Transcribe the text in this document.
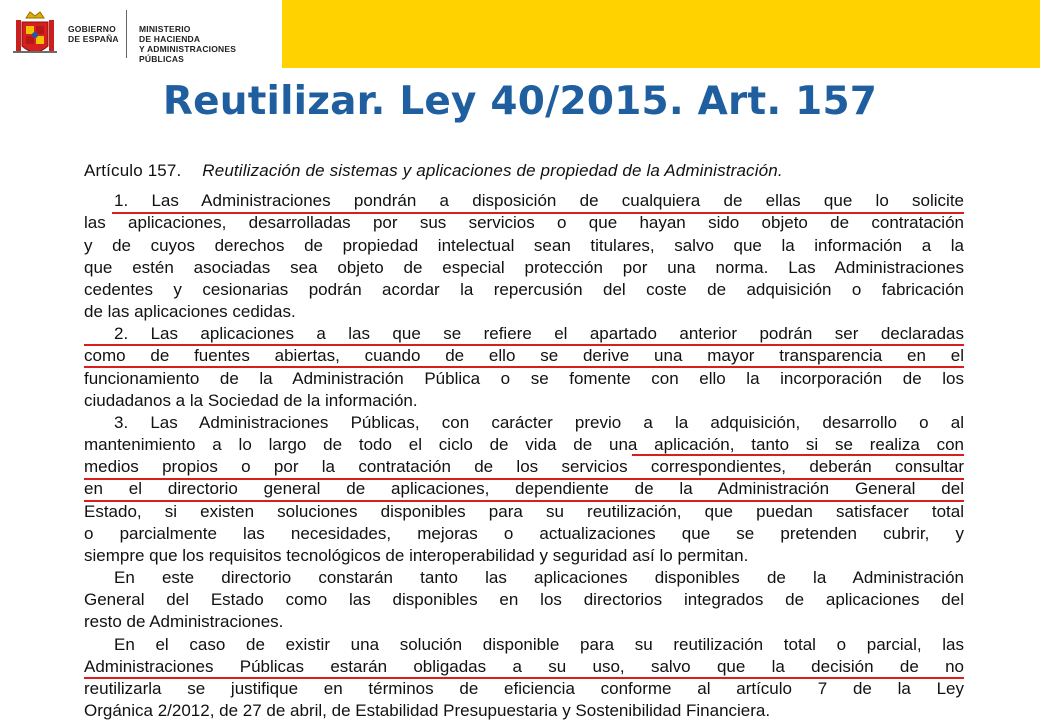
GOBIERNO
DE ESPAÑA
MINISTERIO
DE HACIENDA
Y ADMINISTRACIONES PÚBLICAS
Reutilizar. Ley 40/2015. Art. 157
Artículo 157. Reutilización de sistemas y aplicaciones de propiedad de la Administración.
1. Las Administraciones pondrán a disposición de cualquiera de ellas que lo solicite
las aplicaciones, desarrolladas por sus servicios o que hayan sido objeto de contratación
y de cuyos derechos de propiedad intelectual sean titulares, salvo que la información a la
que estén asociadas sea objeto de especial protección por una norma. Las Administraciones
cedentes y cesionarias podrán acordar la repercusión del coste de adquisición o fabricación
de las aplicaciones cedidas.
2. Las aplicaciones a las que se refiere el apartado anterior podrán ser declaradas
como de fuentes abiertas, cuando de ello se derive una mayor transparencia en el
funcionamiento de la Administración Pública o se fomente con ello la incorporación de los
ciudadanos a la Sociedad de la información.
3. Las Administraciones Públicas, con carácter previo a la adquisición, desarrollo o al
mantenimiento a lo largo de todo el ciclo de vida de una aplicación, tanto si se realiza con
medios propios o por la contratación de los servicios correspondientes, deberán consultar
en el directorio general de aplicaciones, dependiente de la Administración General del
Estado, si existen soluciones disponibles para su reutilización, que puedan satisfacer total
o parcialmente las necesidades, mejoras o actualizaciones que se pretenden cubrir, y
siempre que los requisitos tecnológicos de interoperabilidad y seguridad así lo permitan.
En este directorio constarán tanto las aplicaciones disponibles de la Administración
General del Estado como las disponibles en los directorios integrados de aplicaciones del
resto de Administraciones.
En el caso de existir una solución disponible para su reutilización total o parcial, las
Administraciones Públicas estarán obligadas a su uso, salvo que la decisión de no
reutilizarla se justifique en términos de eficiencia conforme al artículo 7 de la Ley
Orgánica 2/2012, de 27 de abril, de Estabilidad Presupuestaria y Sostenibilidad Financiera.
